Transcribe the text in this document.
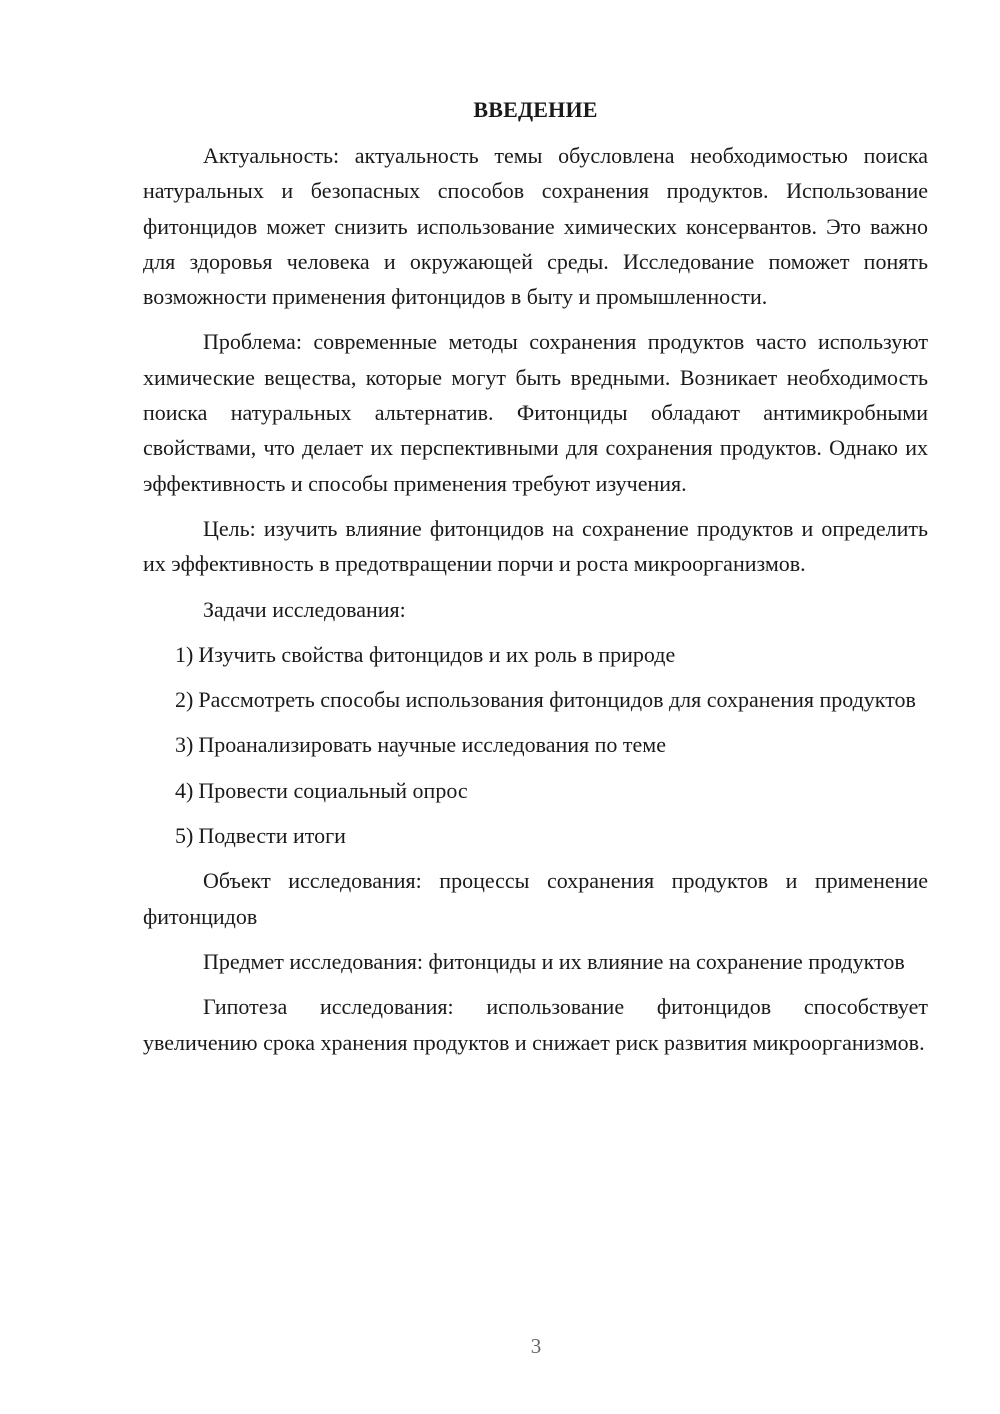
ВВЕДЕНИЕ

Актуальность: актуальность темы обусловлена необходимостью поиска натуральных и безопасных способов сохранения продуктов. Использование фитонцидов может снизить использование химических консервантов. Это важно для здоровья человека и окружающей среды. Исследование поможет понять возможности применения фитонцидов в быту и промышленности.

Проблема: современные методы сохранения продуктов часто используют химические вещества, которые могут быть вредными. Возникает необходимость поиска натуральных альтернатив. Фитонциды обладают антимикробными свойствами, что делает их перспективными для сохранения продуктов. Однако их эффективность и способы применения требуют изучения.

Цель: изучить влияние фитонцидов на сохранение продуктов и определить их эффективность в предотвращении порчи и роста микроорганизмов.

Задачи исследования:

1) Изучить свойства фитонцидов и их роль в природе

2) Рассмотреть способы использования фитонцидов для сохранения продуктов

3) Проанализировать научные исследования по теме

4) Провести социальный опрос

5) Подвести итоги

Объект исследования: процессы сохранения продуктов и применение фитонцидов

Предмет исследования: фитонциды и их влияние на сохранение продуктов

Гипотеза исследования: использование фитонцидов способствует увеличению срока хранения продуктов и снижает риск развития микроорганизмов.

3
